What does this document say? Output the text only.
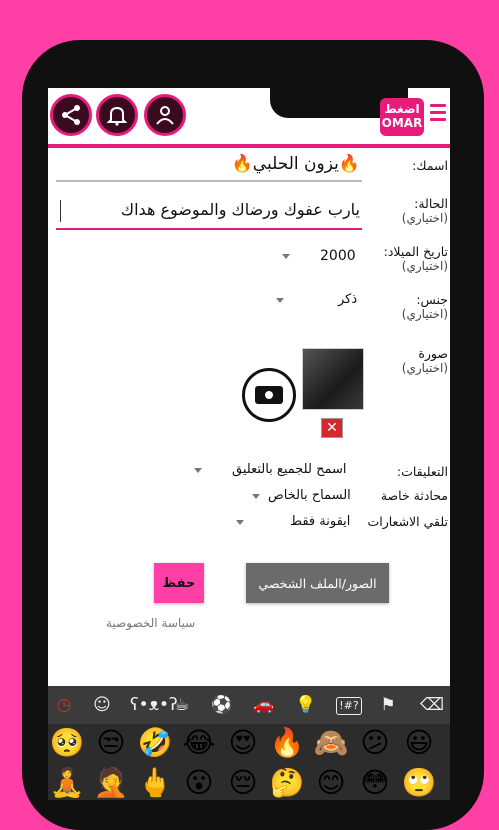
اضغط
OMAR
اسمك:
🔥يزون الحلبي🔥
الحالة:
(اختياري)
يارب عفوك ورضاك والموضوع هداك
تاريخ الميلاد:
(اختياري)
2000
جنس:
(اختياري)
ذكر
صورة
(اختياري)
✕
التعليقات:
اسمح للجميع بالتعليق
محادثة خاصة
السماح بالخاص
تلقي الاشعارات
ايقونة فقط
حفظ	الصور/الملف الشخصي
سياسة الخصوصية
◷ ☺ ʕ•ᴥ•ʔ
☕ ⚽ 🚗 💡 !#? ⚑ ⌫
🥺 😒 🤣 😂 😍 🔥 🙈 😕 😃
🧘 🤦 🖕 😮 😔 🤔 😊 😳 🙄
